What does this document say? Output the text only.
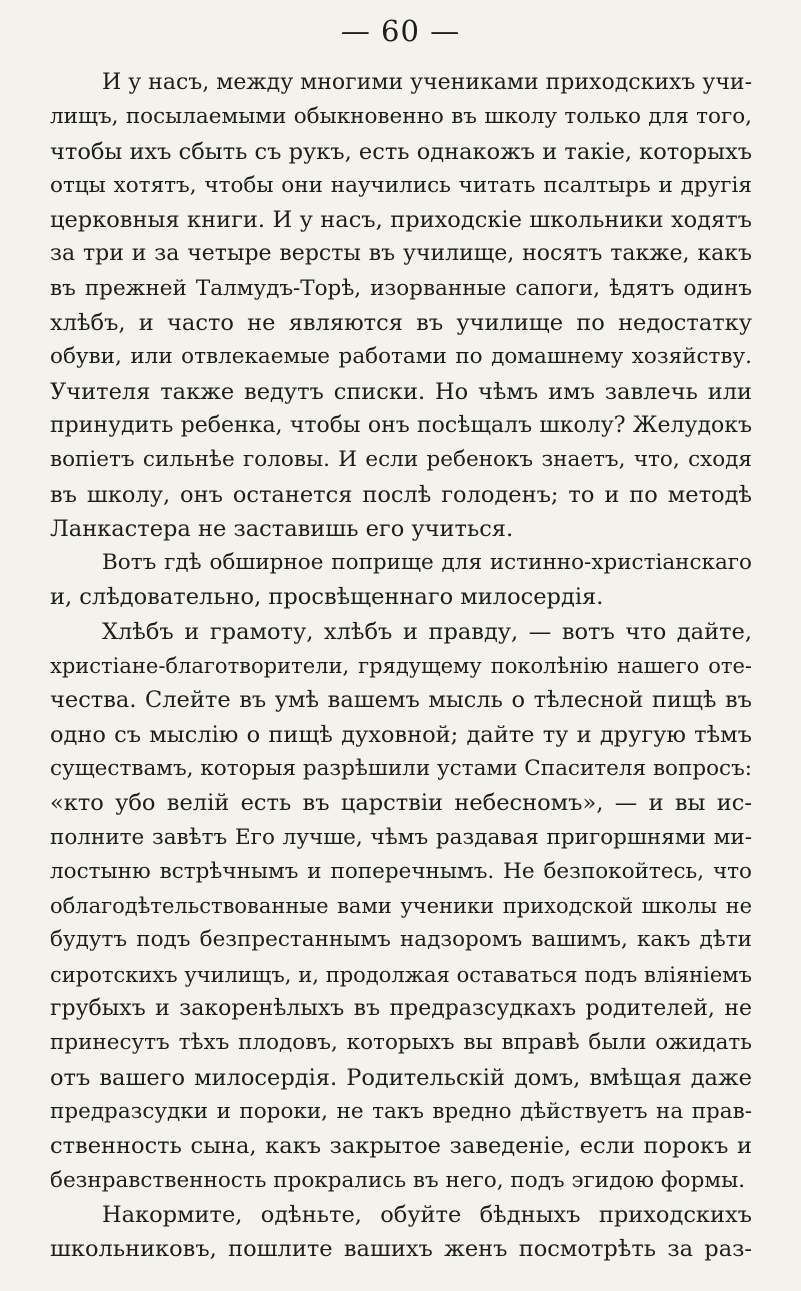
— 60 —
И у насъ, между многими учениками приходскихъ учи-
лищъ, посылаемыми обыкновенно въ школу только для того,
чтобы ихъ сбыть съ рукъ, есть однакожъ и такіе, которыхъ
отцы хотятъ, чтобы они научились читать псалтырь и другія
церковныя книги. И у насъ, приходскіе школьники ходятъ
за три и за четыре версты въ училище, носятъ также, какъ
въ прежней Талмудъ-Торѣ, изорванные сапоги, ѣдятъ одинъ
хлѣбъ, и часто не являются въ училище по недостатку
обуви, или отвлекаемые работами по домашнему хозяйству.
Учителя также ведутъ списки. Но чѣмъ имъ завлечь или
принудить ребенка, чтобы онъ посѣщалъ школу? Желудокъ
вопіетъ сильнѣе головы. И если ребенокъ знаетъ, что, сходя
въ школу, онъ останется послѣ голоденъ; то и по методѣ
Ланкастера не заставишь его учиться.
Вотъ гдѣ обширное поприще для истинно-христіанскаго
и, слѣдовательно, просвѣщеннаго милосердія.
Хлѣбъ и грамоту, хлѣбъ и правду, — вотъ что дайте,
христіане-благотворители, грядущему поколѣнію нашего оте-
чества. Слейте въ умѣ вашемъ мысль о тѣлесной пищѣ въ
одно съ мыслію о пищѣ духовной; дайте ту и другую тѣмъ
существамъ, которыя разрѣшили устами Спасителя вопросъ:
«кто убо велій есть въ царствіи небесномъ», — и вы ис-
полните завѣтъ Его лучше, чѣмъ раздавая пригоршнями ми-
лостыню встрѣчнымъ и поперечнымъ. Не безпокойтесь, что
облагодѣтельствованные вами ученики приходской школы не
будутъ подъ безпрестаннымъ надзоромъ вашимъ, какъ дѣти
сиротскихъ училищъ, и, продолжая оставаться подъ вліяніемъ
грубыхъ и закоренѣлыхъ въ предразсудкахъ родителей, не
принесутъ тѣхъ плодовъ, которыхъ вы вправѣ были ожидать
отъ вашего милосердія. Родительскій домъ, вмѣщая даже
предразсудки и пороки, не такъ вредно дѣйствуетъ на прав-
ственность сына, какъ закрытое заведеніе, если порокъ и
безнравственность прокрались въ него, подъ эгидою формы.
Накормите, одѣньте, обуйте бѣдныхъ приходскихъ
школьниковъ, пошлите вашихъ женъ посмотрѣть за раз-
